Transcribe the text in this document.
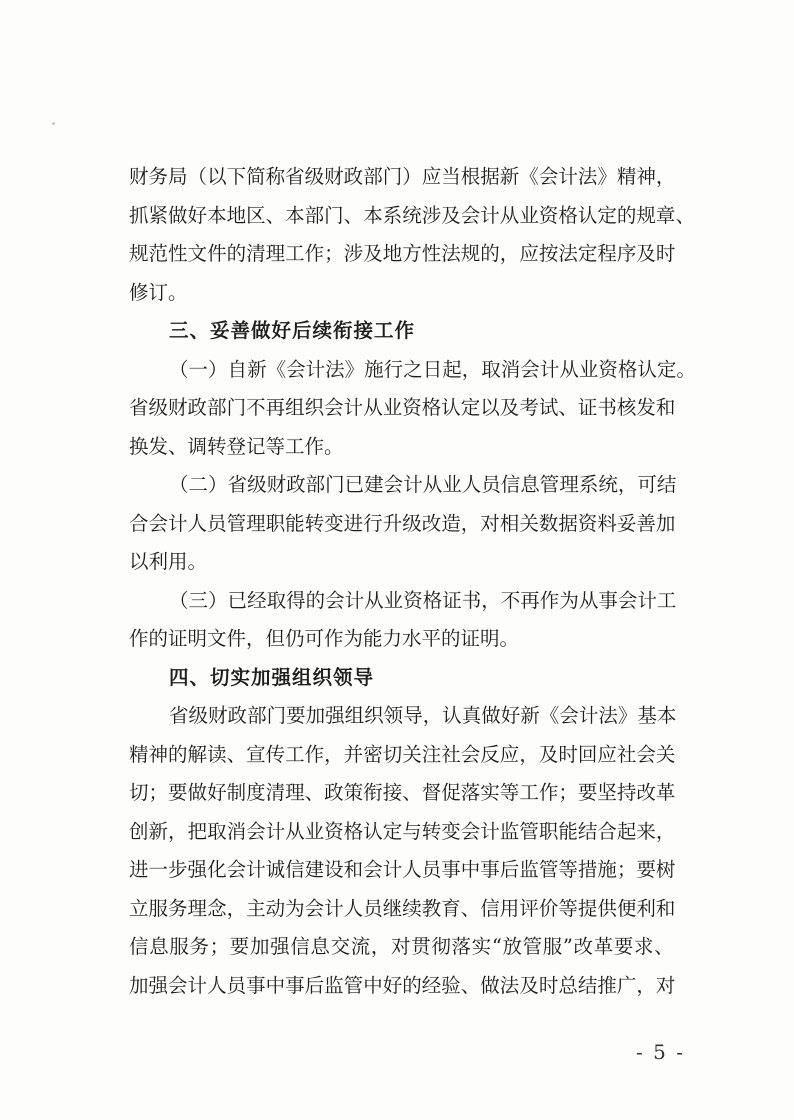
财 务 局 （ 以 下 简 称 省 级 财 政 部 门 ） 应 当 根 据 新 《 会 计 法 》 精 神 ，

抓 紧 做 好 本 地 区 、 本 部 门 、 本 系 统 涉 及 会 计 从 业 资 格 认 定 的 规 章 、

规 范 性 文 件 的 清 理 工 作 ； 涉 及 地 方 性 法 规 的 ， 应 按 法 定 程 序 及 时

修订。

三、妥善做好后续衔接工作

（ 一 ） 自 新 《 会 计 法 》 施 行 之 日 起 ， 取 消 会 计 从 业 资 格 认 定 。

省 级 财 政 部 门 不 再 组 织 会 计 从 业 资 格 认 定 以 及 考 试 、 证 书 核 发 和

换发、调转登记等工作。

（ 二 ） 省 级 财 政 部 门 已 建 会 计 从 业 人 员 信 息 管 理 系 统 ， 可 结

合 会 计 人 员 管 理 职 能 转 变 进 行 升 级 改 造 ， 对 相 关 数 据 资 料 妥 善 加

以利用。

（ 三 ） 已 经 取 得 的 会 计 从 业 资 格 证 书 ， 不 再 作 为 从 事 会 计 工

作的证明文件，但仍可作为能力水平的证明。

四、切实加强组织领导

省 级 财 政 部 门 要 加 强 组 织 领 导 ， 认 真 做 好 新 《 会 计 法 》 基 本

精 神 的 解 读 、 宣 传 工 作 ， 并 密 切 关 注 社 会 反 应 ， 及 时 回 应 社 会 关

切 ； 要 做 好 制 度 清 理 、 政 策 衔 接 、 督 促 落 实 等 工 作 ； 要 坚 持 改 革

创 新 ， 把 取 消 会 计 从 业 资 格 认 定 与 转 变 会 计 监 管 职 能 结 合 起 来 ，

进 一 步 强 化 会 计 诚 信 建 设 和 会 计 人 员 事 中 事 后 监 管 等 措 施 ； 要 树

立 服 务 理 念 ， 主 动 为 会 计 人 员 继 续 教 育 、 信 用 评 价 等 提 供 便 利 和

信 息 服 务 ； 要 加 强 信 息 交 流 ， 对 贯 彻 落 实 “ 放 管 服 ” 改 革 要 求 、

加 强 会 计 人 员 事 中 事 后 监 管 中 好 的 经 验 、 做 法 及 时 总 结 推 广 ， 对

- 5 -
